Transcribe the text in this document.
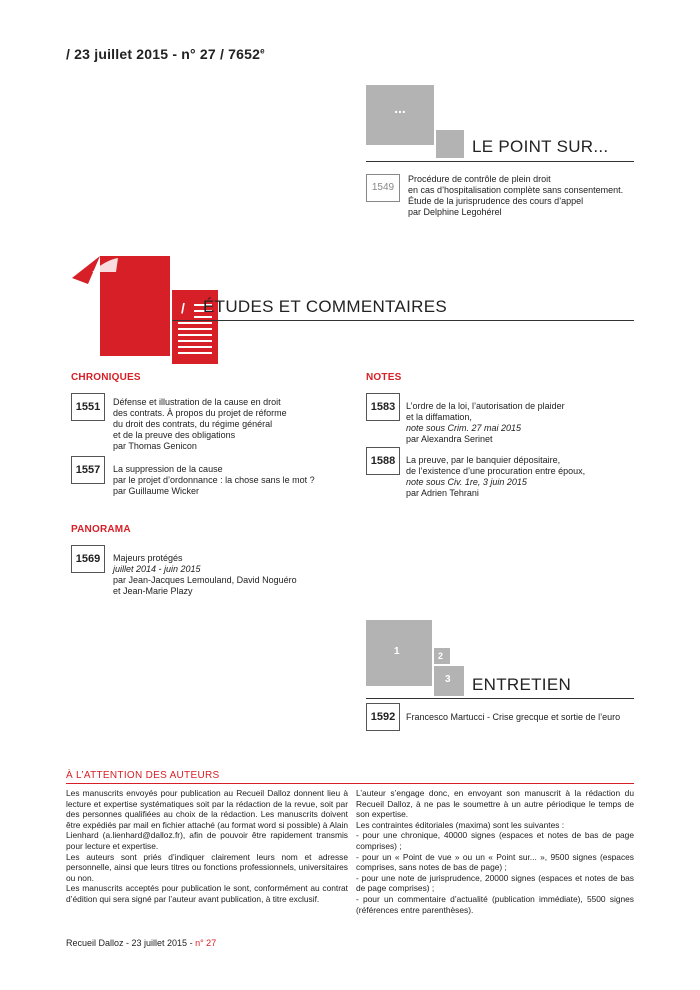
/ 23 juillet 2015 - n° 27 / 7652e
...
LE POINT SUR...
1549
Procédure de contrôle de plein droit
en cas d’hospitalisation complète sans consentement.
Étude de la jurisprudence des cours d’appel
par Delphine Legohérel
/	ÉTUDES ET COMMENTAIRES
CHRONIQUES
1551	Défense et illustration de la cause en droit
des contrats. À propos du projet de réforme
du droit des contrats, du régime général
et de la preuve des obligations
par Thomas Genicon
1557	La suppression de la cause
par le projet d’ordonnance : la chose sans le mot ?
par Guillaume Wicker
NOTES
1583	L’ordre de la loi, l’autorisation de plaider
et la diffamation,
note sous Crim. 27 mai 2015
par Alexandra Serinet
1588	La preuve, par le banquier dépositaire,
de l’existence d’une procuration entre époux,
note sous Civ. 1re, 3 juin 2015
par Adrien Tehrani
PANORAMA
1569	Majeurs protégés
juillet 2014 - juin 2015
par Jean-Jacques Lemouland, David Noguéro
et Jean-Marie Plazy
1	2
3 ENTRETIEN
1592	Francesco Martucci - Crise grecque et sortie de l’euro
À L’ATTENTION DES AUTEURS

Les manuscrits envoyés pour publication au Recueil Dalloz donnent lieu à lecture et expertise systématiques soit par la rédaction de la revue, soit par des personnes qualifiées au choix de la rédaction. Les manuscrits doivent être expédiés par mail en fichier attaché (au format word si possible) à Alain Lienhard (a.lienhard@dalloz.fr), afin de pouvoir être rapidement transmis pour lecture et expertise.

Les auteurs sont priés d’indiquer clairement leurs nom et adresse personnelle, ainsi que leurs titres ou fonctions professionnels, universitaires ou non.

Les manuscrits acceptés pour publication le sont, conformément au contrat d’édition qui sera signé par l’auteur avant publication, à titre exclusif.

L’auteur s’engage donc, en envoyant son manuscrit à la rédaction du Recueil Dalloz, à ne pas le soumettre à un autre périodique le temps de son expertise.

Les contraintes éditoriales (maxima) sont les suivantes :

- pour une chronique, 40000 signes (espaces et notes de bas de page comprises) ;

- pour un « Point de vue » ou un « Point sur... », 9500 signes (espaces comprises, sans notes de bas de page) ;

- pour une note de jurisprudence, 20000 signes (espaces et notes de bas de page comprises) ;

- pour un commentaire d’actualité (publication immédiate), 5500 signes (références entre parenthèses).

Recueil Dalloz - 23 juillet 2015 - n° 27
